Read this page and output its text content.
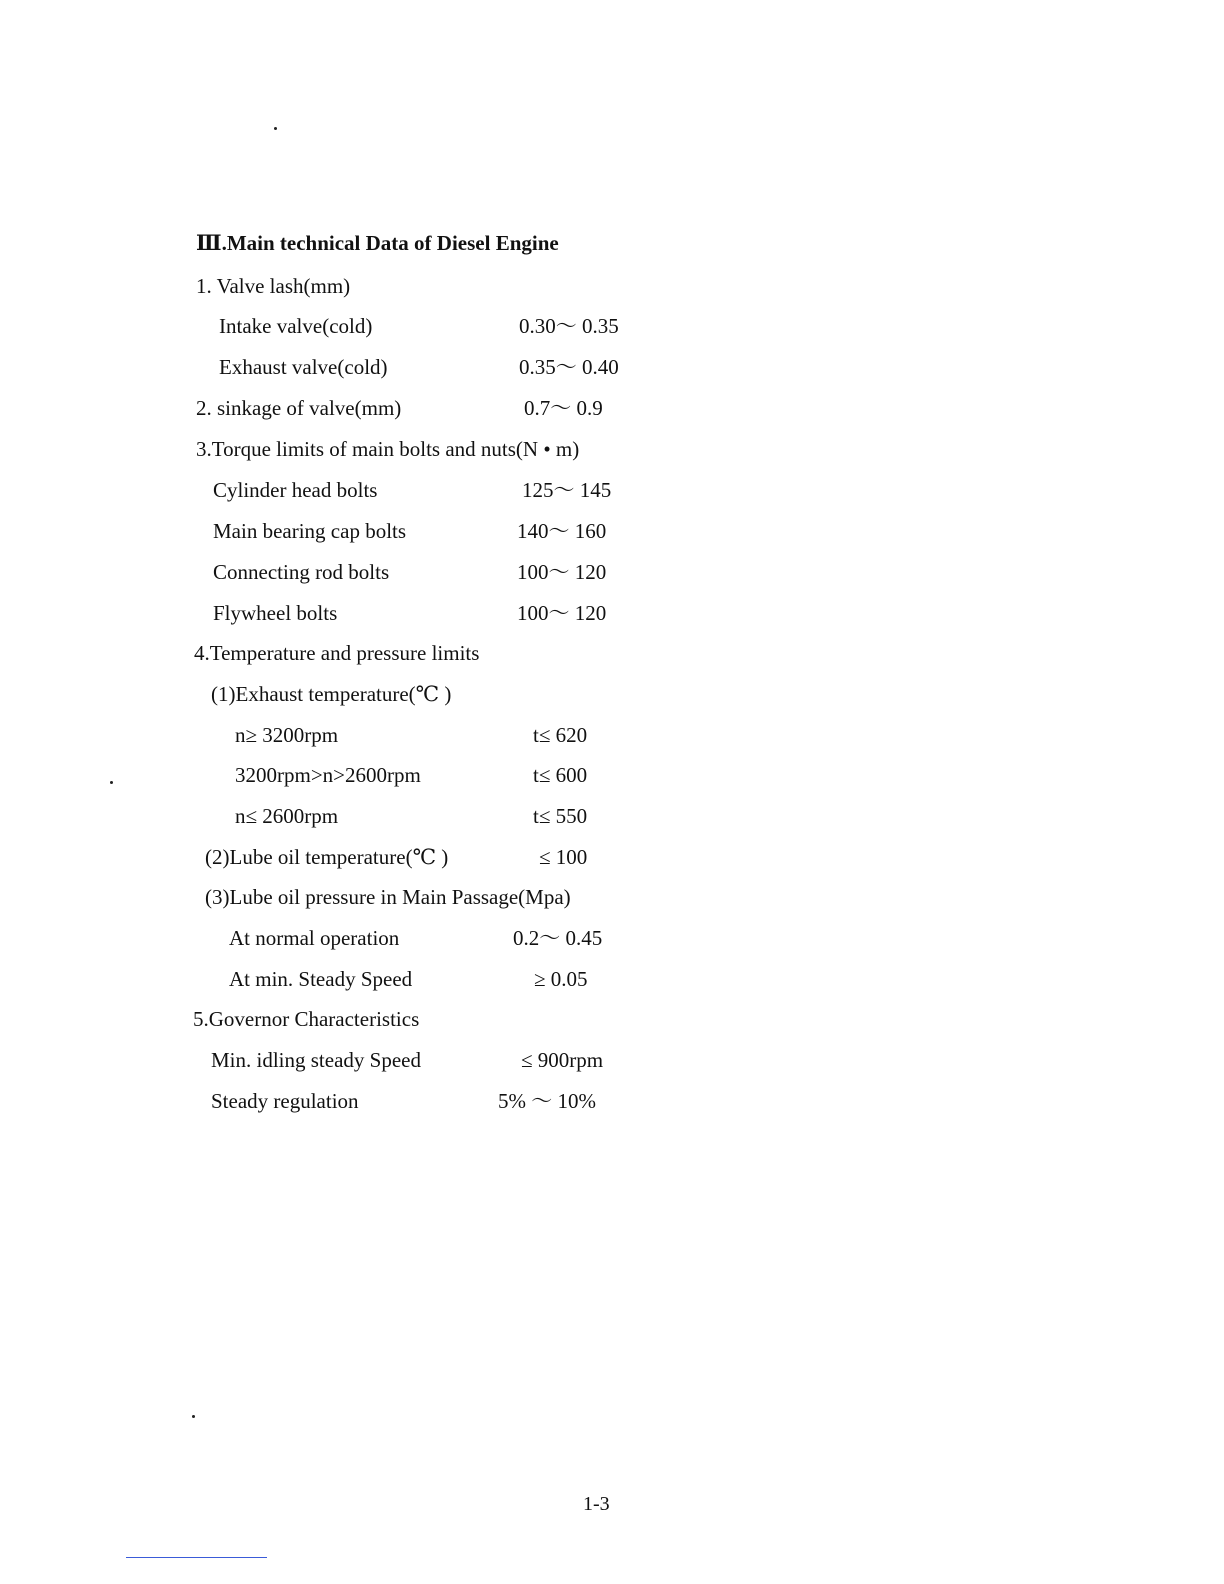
Ⅲ.Main technical Data of Diesel Engine
1. Valve lash(mm)
Intake valve(cold)	0.30～ 0.35
Exhaust valve(cold)	0.35～ 0.40
2. sinkage of valve(mm)	0.7～ 0.9
3.Torque limits of main bolts and nuts(N • m)
Cylinder head bolts	125～ 145
Main bearing cap bolts	140～ 160
Connecting rod bolts	100～ 120
Flywheel bolts	100～ 120
4.Temperature and pressure limits
(1)Exhaust temperature(℃ )
n≥ 3200rpm	t≤ 620
3200rpm>n>2600rpm	t≤ 600
n≤ 2600rpm	t≤ 550
(2)Lube oil temperature(℃ )	≤ 100
(3)Lube oil pressure in Main Passage(Mpa)
At normal operation	0.2～ 0.45
At min. Steady Speed	≥ 0.05
5.Governor Characteristics
Min. idling steady Speed	≤ 900rpm
Steady regulation	5% ～ 10%
1-3
